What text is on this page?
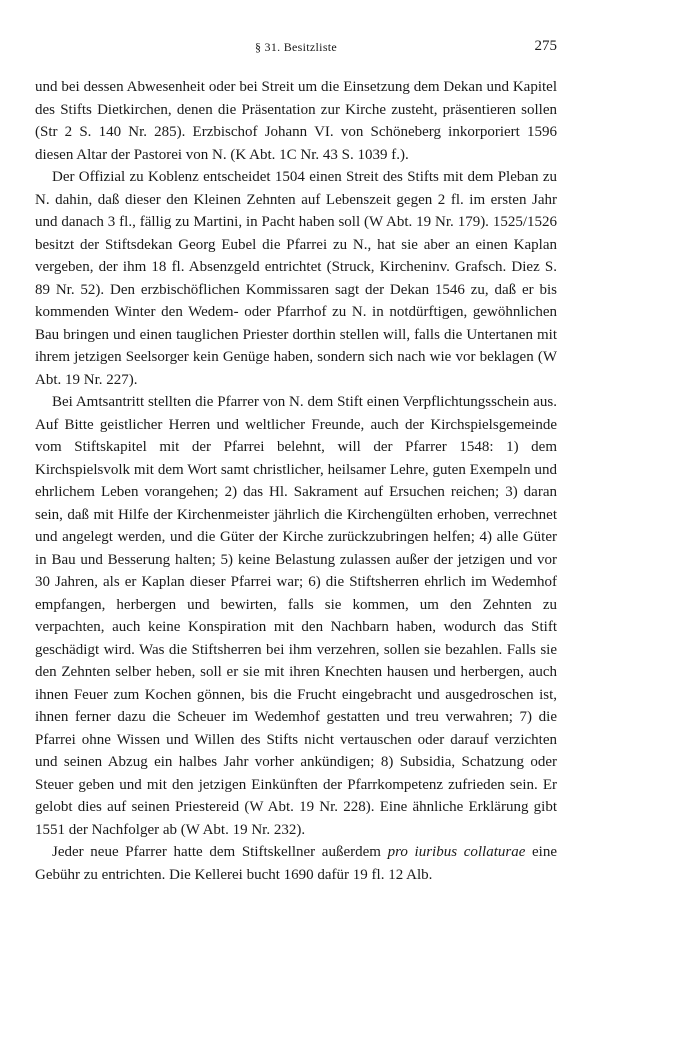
§ 31. Besitzliste	275

und bei dessen Abwesenheit oder bei Streit um die Einsetzung dem Dekan und Kapitel des Stifts Dietkirchen, denen die Präsentation zur Kirche zusteht, präsentieren sollen (Str 2 S. 140 Nr. 285). Erzbischof Johann VI. von Schöneberg inkorporiert 1596 diesen Altar der Pastorei von N. (K Abt. 1C Nr. 43 S. 1039 f.).

Der Offizial zu Koblenz entscheidet 1504 einen Streit des Stifts mit dem Pleban zu N. dahin, daß dieser den Kleinen Zehnten auf Lebenszeit gegen 2 fl. im ersten Jahr und danach 3 fl., fällig zu Martini, in Pacht haben soll (W Abt. 19 Nr. 179). 1525/1526 besitzt der Stiftsdekan Georg Eubel die Pfarrei zu N., hat sie aber an einen Kaplan vergeben, der ihm 18 fl. Absenzgeld entrichtet (Struck, Kircheninv. Grafsch. Diez S. 89 Nr. 52). Den erzbischöflichen Kommissaren sagt der Dekan 1546 zu, daß er bis kommenden Winter den Wedem- oder Pfarrhof zu N. in notdürftigen, gewöhnlichen Bau bringen und einen tauglichen Priester dorthin stellen will, falls die Untertanen mit ihrem jetzigen Seelsorger kein Genüge haben, sondern sich nach wie vor beklagen (W Abt. 19 Nr. 227).

Bei Amtsantritt stellten die Pfarrer von N. dem Stift einen Verpflichtungsschein aus. Auf Bitte geistlicher Herren und weltlicher Freunde, auch der Kirchspielsgemeinde vom Stiftskapitel mit der Pfarrei belehnt, will der Pfarrer 1548: 1) dem Kirchspielsvolk mit dem Wort samt christlicher, heilsamer Lehre, guten Exempeln und ehrlichem Leben vorangehen; 2) das Hl. Sakrament auf Ersuchen reichen; 3) daran sein, daß mit Hilfe der Kirchenmeister jährlich die Kirchengülten erhoben, verrechnet und angelegt werden, und die Güter der Kirche zurückzubringen helfen; 4) alle Güter in Bau und Besserung halten; 5) keine Belastung zulassen außer der jetzigen und vor 30 Jahren, als er Kaplan dieser Pfarrei war; 6) die Stiftsherren ehrlich im Wedemhof empfangen, herbergen und bewirten, falls sie kommen, um den Zehnten zu verpachten, auch keine Konspiration mit den Nachbarn haben, wodurch das Stift geschädigt wird. Was die Stiftsherren bei ihm verzehren, sollen sie bezahlen. Falls sie den Zehnten selber heben, soll er sie mit ihren Knechten hausen und herbergen, auch ihnen Feuer zum Kochen gönnen, bis die Frucht eingebracht und ausgedroschen ist, ihnen ferner dazu die Scheuer im Wedemhof gestatten und treu verwahren; 7) die Pfarrei ohne Wissen und Willen des Stifts nicht vertauschen oder darauf verzichten und seinen Abzug ein halbes Jahr vorher ankündigen; 8) Subsidia, Schatzung oder Steuer geben und mit den jetzigen Einkünften der Pfarrkompetenz zufrieden sein. Er gelobt dies auf seinen Priestereid (W Abt. 19 Nr. 228). Eine ähnliche Erklärung gibt 1551 der Nachfolger ab (W Abt. 19 Nr. 232).

Jeder neue Pfarrer hatte dem Stiftskellner außerdem pro iuribus collaturae eine Gebühr zu entrichten. Die Kellerei bucht 1690 dafür 19 fl. 12 Alb.
